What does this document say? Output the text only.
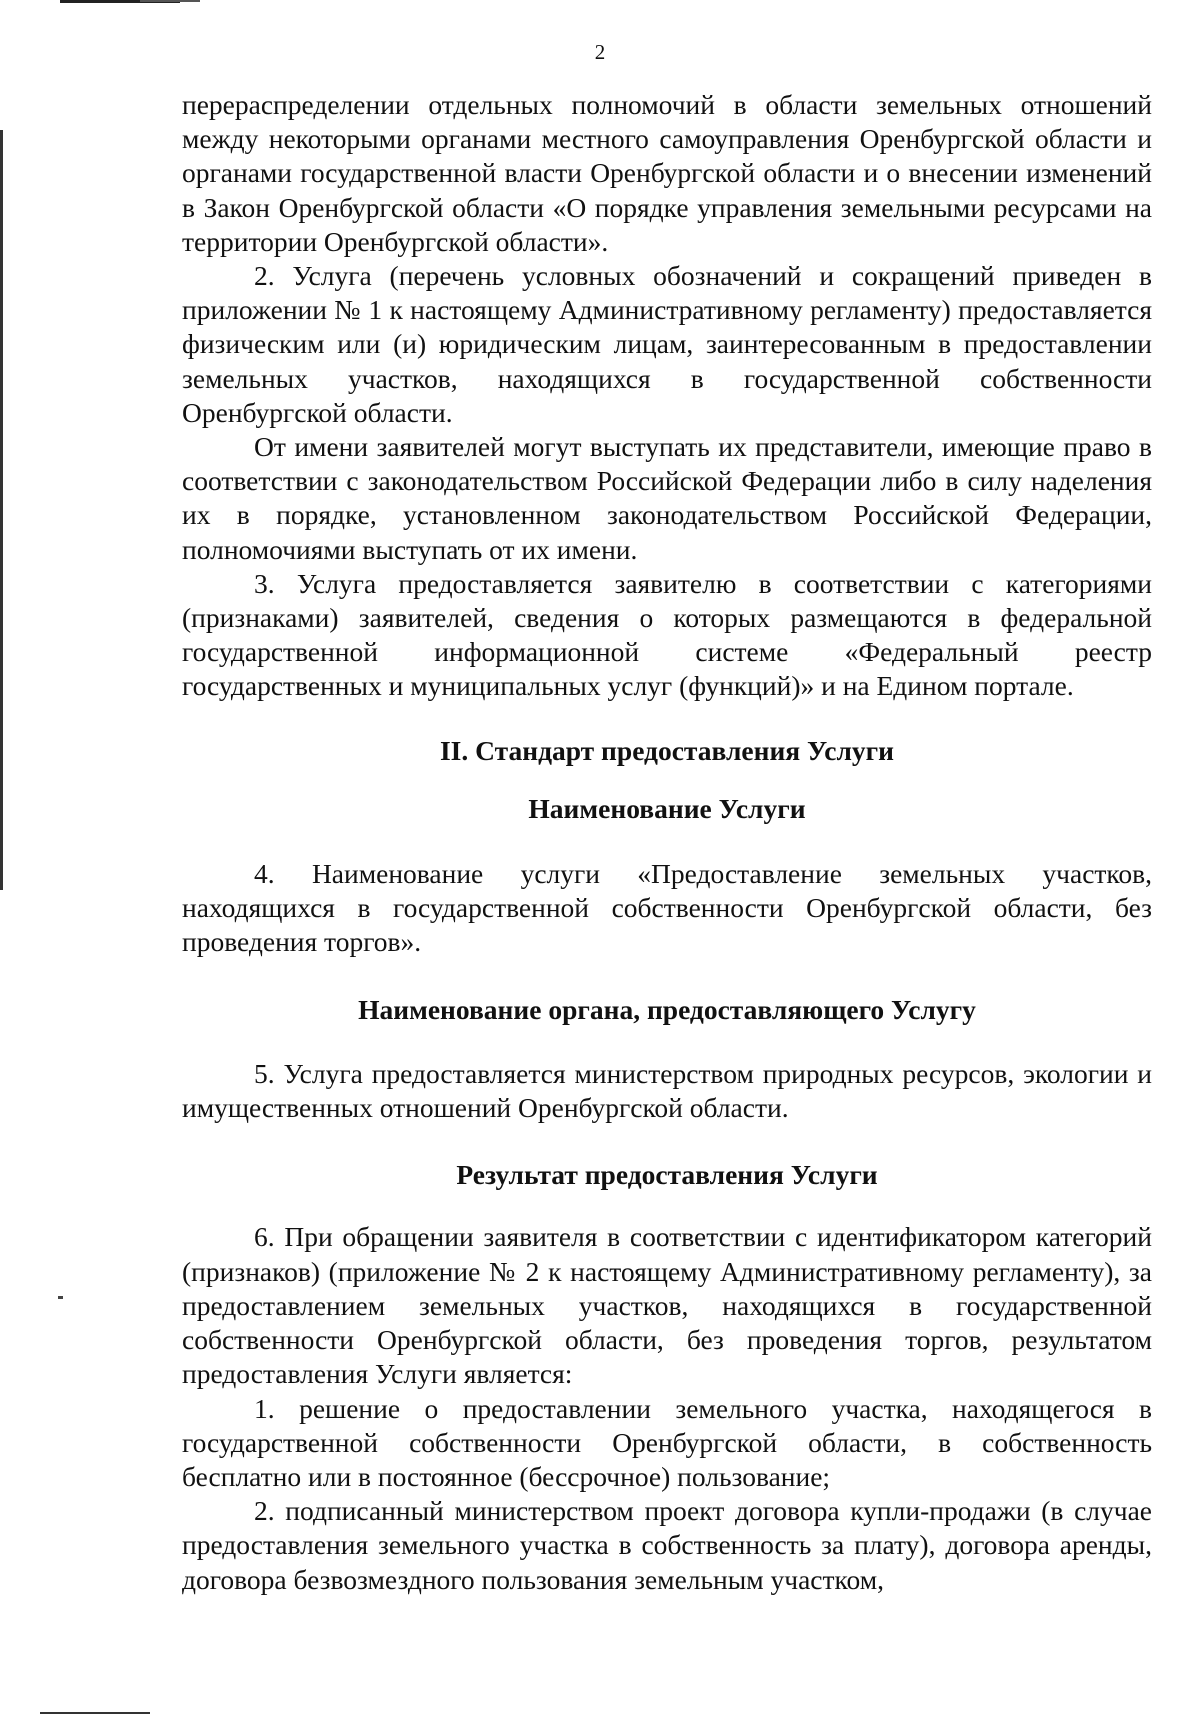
2

перераспределении отдельных полномочий в области земельных отношений между некоторыми органами местного самоуправления Оренбургской области и органами государственной власти Оренбургской области и о внесении изменений в Закон Оренбургской области «О порядке управления земельными ресурсами на территории Оренбургской области».

2. Услуга (перечень условных обозначений и сокращений приведен в приложении № 1 к настоящему Административному регламенту) предоставляется физическим или (и) юридическим лицам, заинтересованным в предоставлении земельных участков, находящихся в государственной собственности Оренбургской области.

От имени заявителей могут выступать их представители, имеющие право в соответствии с законодательством Российской Федерации либо в силу наделения их в порядке, установленном законодательством Российской Федерации, полномочиями выступать от их имени.

3. Услуга предоставляется заявителю в соответствии с категориями (признаками) заявителей, сведения о которых размещаются в федеральной государственной информационной системе «Федеральный реестр государственных и муниципальных услуг (функций)» и на Едином портале.

II. Стандарт предоставления Услуги

Наименование Услуги

4. Наименование услуги «Предоставление земельных участков, находящихся в государственной собственности Оренбургской области, без проведения торгов».

Наименование органа, предоставляющего Услугу

5. Услуга предоставляется министерством природных ресурсов, экологии и имущественных отношений Оренбургской области.

Результат предоставления Услуги

6. При обращении заявителя в соответствии с идентификатором категорий (признаков) (приложение № 2 к настоящему Административному регламенту), за предоставлением земельных участков, находящихся в государственной собственности Оренбургской области, без проведения торгов, результатом предоставления Услуги является:

1. решение о предоставлении земельного участка, находящегося в государственной собственности Оренбургской области, в собственность бесплатно или в постоянное (бессрочное) пользование;

2. подписанный министерством проект договора купли-продажи (в случае предоставления земельного участка в собственность за плату), договора аренды, договора безвозмездного пользования земельным участком,
